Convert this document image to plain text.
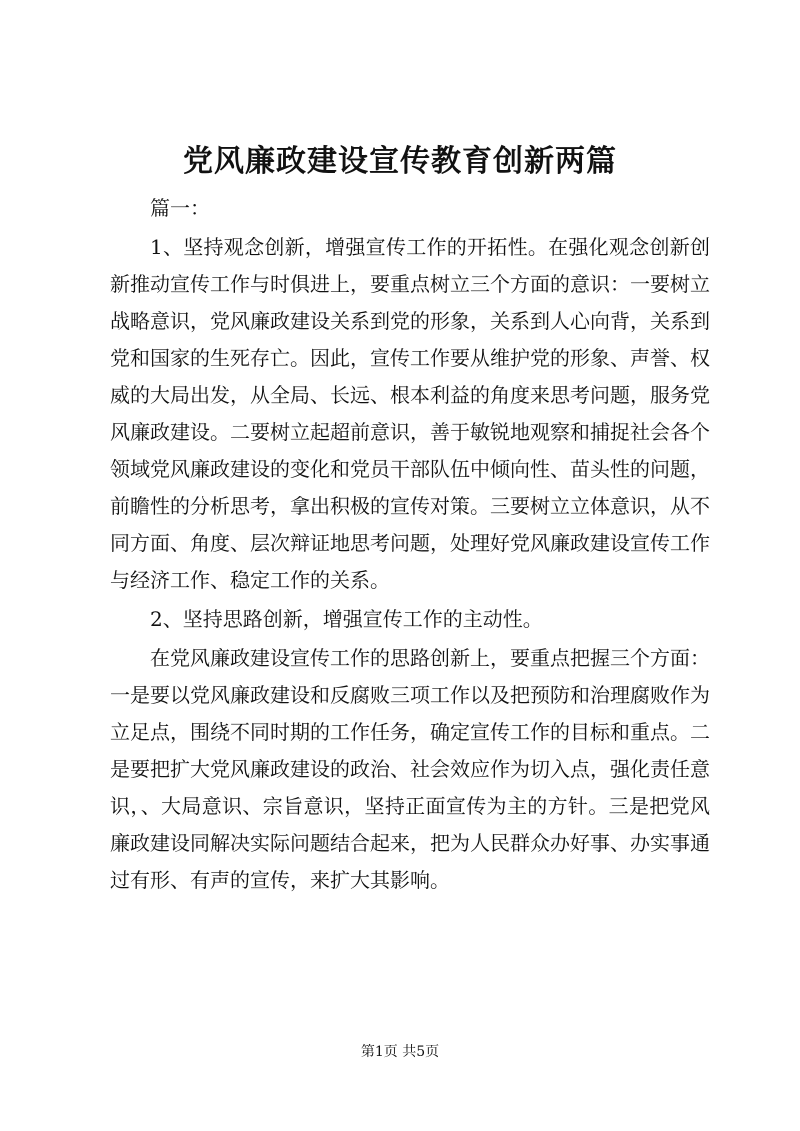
党风廉政建设宣传教育创新两篇

篇一：

1、坚持观念创新，增强宣传工作的开拓性。在强化观念创新创新推动宣传工作与时俱进上，要重点树立三个方面的意识：一要树立战略意识，党风廉政建设关系到党的形象，关系到人心向背，关系到党和国家的生死存亡。因此，宣传工作要从维护党的形象、声誉、权威的大局出发，从全局、长远、根本利益的角度来思考问题，服务党风廉政建设。二要树立起超前意识，善于敏锐地观察和捕捉社会各个领域党风廉政建设的变化和党员干部队伍中倾向性、苗头性的问题，前瞻性的分析思考，拿出积极的宣传对策。三要树立立体意识，从不同方面、角度、层次辩证地思考问题，处理好党风廉政建设宣传工作与经济工作、稳定工作的关系。

2、坚持思路创新，增强宣传工作的主动性。

在党风廉政建设宣传工作的思路创新上，要重点把握三个方面：一是要以党风廉政建设和反腐败三项工作以及把预防和治理腐败作为立足点，围绕不同时期的工作任务，确定宣传工作的目标和重点。二是要把扩大党风廉政建设的政治、社会效应作为切入点，强化责任意识，、大局意识、宗旨意识，坚持正面宣传为主的方针。三是把党风廉政建设同解决实际问题结合起来，把为人民群众办好事、办实事通过有形、有声的宣传，来扩大其影响。

第1页 共5页
